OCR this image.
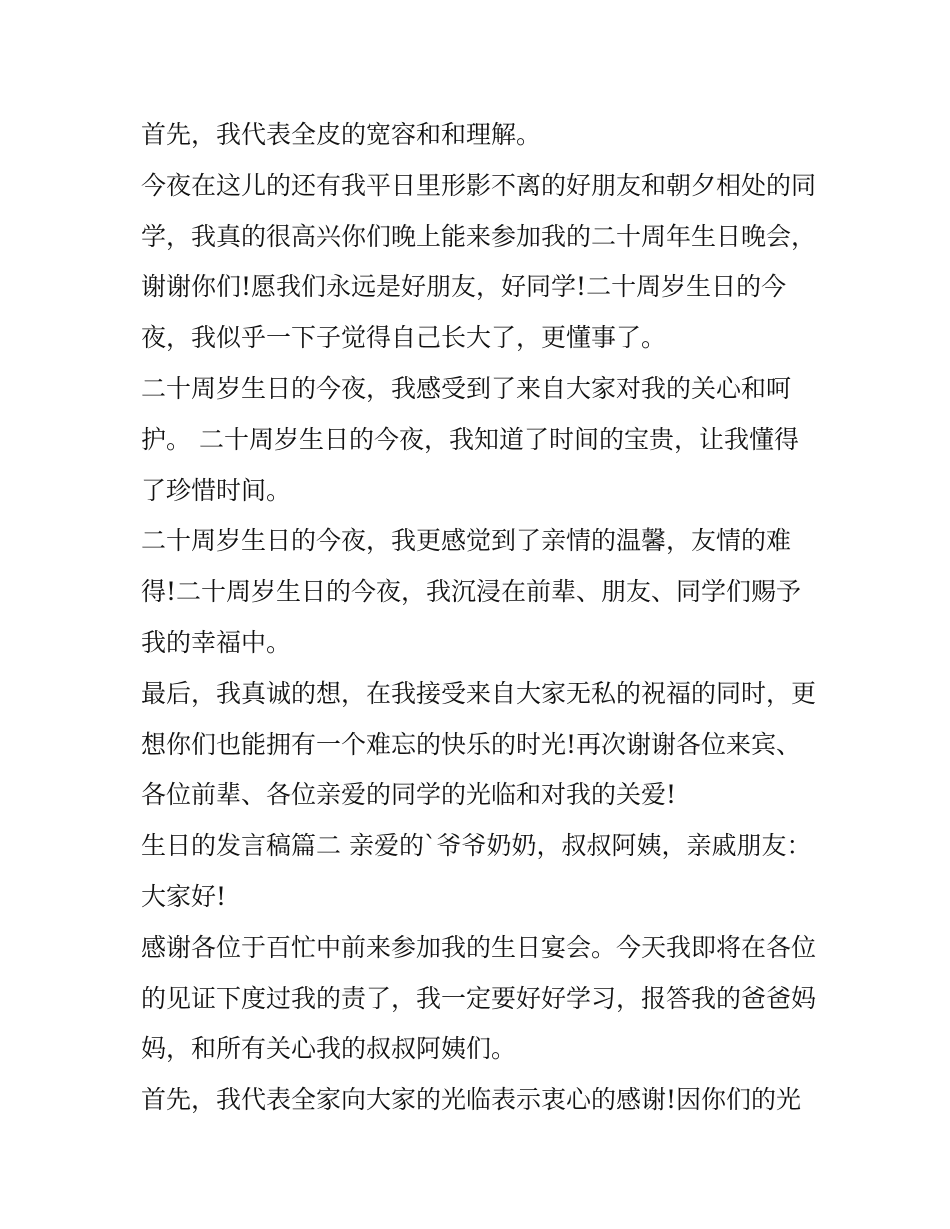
首先，我代表全皮的宽容和和理解。
今夜在这儿的还有我平日里形影不离的好朋友和朝夕相处的同
学，我真的很高兴你们晚上能来参加我的二十周年生日晚会，
谢谢你们!愿我们永远是好朋友，好同学!二十周岁生日的今
夜，我似乎一下子觉得自己长大了，更懂事了。
二十周岁生日的今夜，我感受到了来自大家对我的关心和呵
护。 二十周岁生日的今夜，我知道了时间的宝贵，让我懂得
了珍惜时间。
二十周岁生日的今夜，我更感觉到了亲情的温馨，友情的难
得!二十周岁生日的今夜，我沉浸在前辈、朋友、同学们赐予
我的幸福中。
最后，我真诚的想，在我接受来自大家无私的祝福的同时，更
想你们也能拥有一个难忘的快乐的时光!再次谢谢各位来宾、
各位前辈、各位亲爱的同学的光临和对我的关爱!
生日的发言稿篇二 亲爱的`爷爷奶奶，叔叔阿姨，亲戚朋友：
大家好!
感谢各位于百忙中前来参加我的生日宴会。今天我即将在各位
的见证下度过我的责了，我一定要好好学习，报答我的爸爸妈
妈，和所有关心我的叔叔阿姨们。
首先，我代表全家向大家的光临表示衷心的感谢!因你们的光
